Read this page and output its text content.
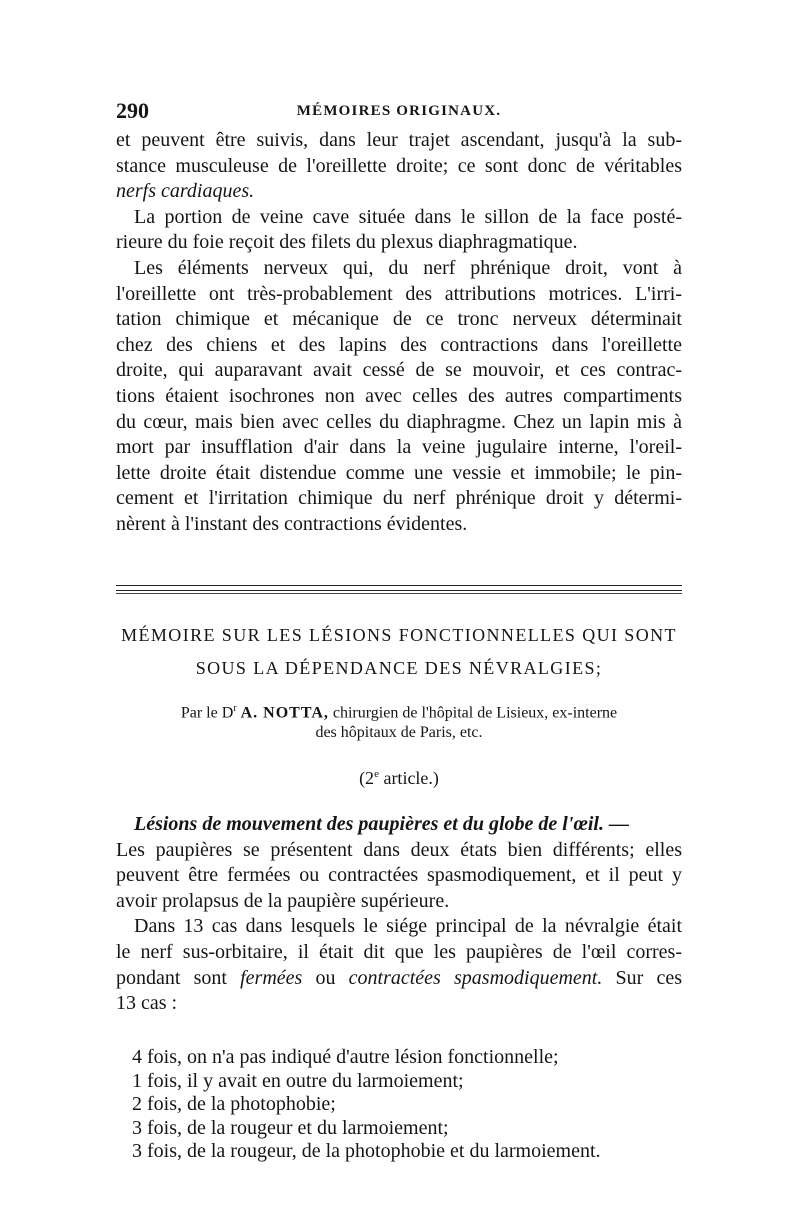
290	MÉMOIRES ORIGINAUX.
et peuvent être suivis, dans leur trajet ascendant, jusqu'à la sub-
stance musculeuse de l'oreillette droite; ce sont donc de véritables
nerfs cardiaques.
La portion de veine cave située dans le sillon de la face posté-
rieure du foie reçoit des filets du plexus diaphragmatique.
Les éléments nerveux qui, du nerf phrénique droit, vont à
l'oreillette ont très-probablement des attributions motrices. L'irri-
tation chimique et mécanique de ce tronc nerveux déterminait
chez des chiens et des lapins des contractions dans l'oreillette
droite, qui auparavant avait cessé de se mouvoir, et ces contrac-
tions étaient isochrones non avec celles des autres compartiments
du cœur, mais bien avec celles du diaphragme. Chez un lapin mis à
mort par insufflation d'air dans la veine jugulaire interne, l'oreil-
lette droite était distendue comme une vessie et immobile; le pin-
cement et l'irritation chimique du nerf phrénique droit y détermi-
nèrent à l'instant des contractions évidentes.
MÉMOIRE SUR LES LÉSIONS FONCTIONNELLES QUI SONT
SOUS LA DÉPENDANCE DES NÉVRALGIES;
Par le $D^r$ A. NOTTA, chirurgien de l'hôpital de Lisieux, ex-interne
des hôpitaux de Paris, etc.
(2e article.)
Lésions de mouvement des paupières et du globe de l'œil. —
Les paupières se présentent dans deux états bien différents; elles
peuvent être fermées ou contractées spasmodiquement, et il peut y
avoir prolapsus de la paupière supérieure.
Dans 13 cas dans lesquels le siége principal de la névralgie était
le nerf sus-orbitaire, il était dit que les paupières de l'œil corres-
pondant sont fermées ou contractées spasmodiquement. Sur ces
13 cas :
4 fois, on n'a pas indiqué d'autre lésion fonctionnelle;
1 fois, il y avait en outre du larmoiement;
2 fois, de la photophobie;
3 fois, de la rougeur et du larmoiement;
3 fois, de la rougeur, de la photophobie et du larmoiement.
